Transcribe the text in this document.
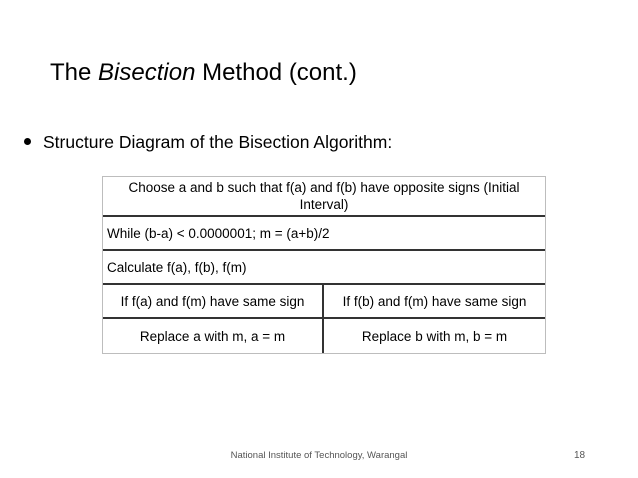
The Bisection Method (cont.)
Structure Diagram of the Bisection Algorithm:
Choose a and b such that f(a) and f(b) have opposite signs (Initial Interval)
While (b-a) < 0.0000001; m = (a+b)/2
Calculate f(a), f(b), f(m)
If f(a) and f(m) have same sign	If f(b) and f(m) have same sign
Replace a with m, a = m	Replace b with m, b = m
National Institute of Technology, Warangal	18
